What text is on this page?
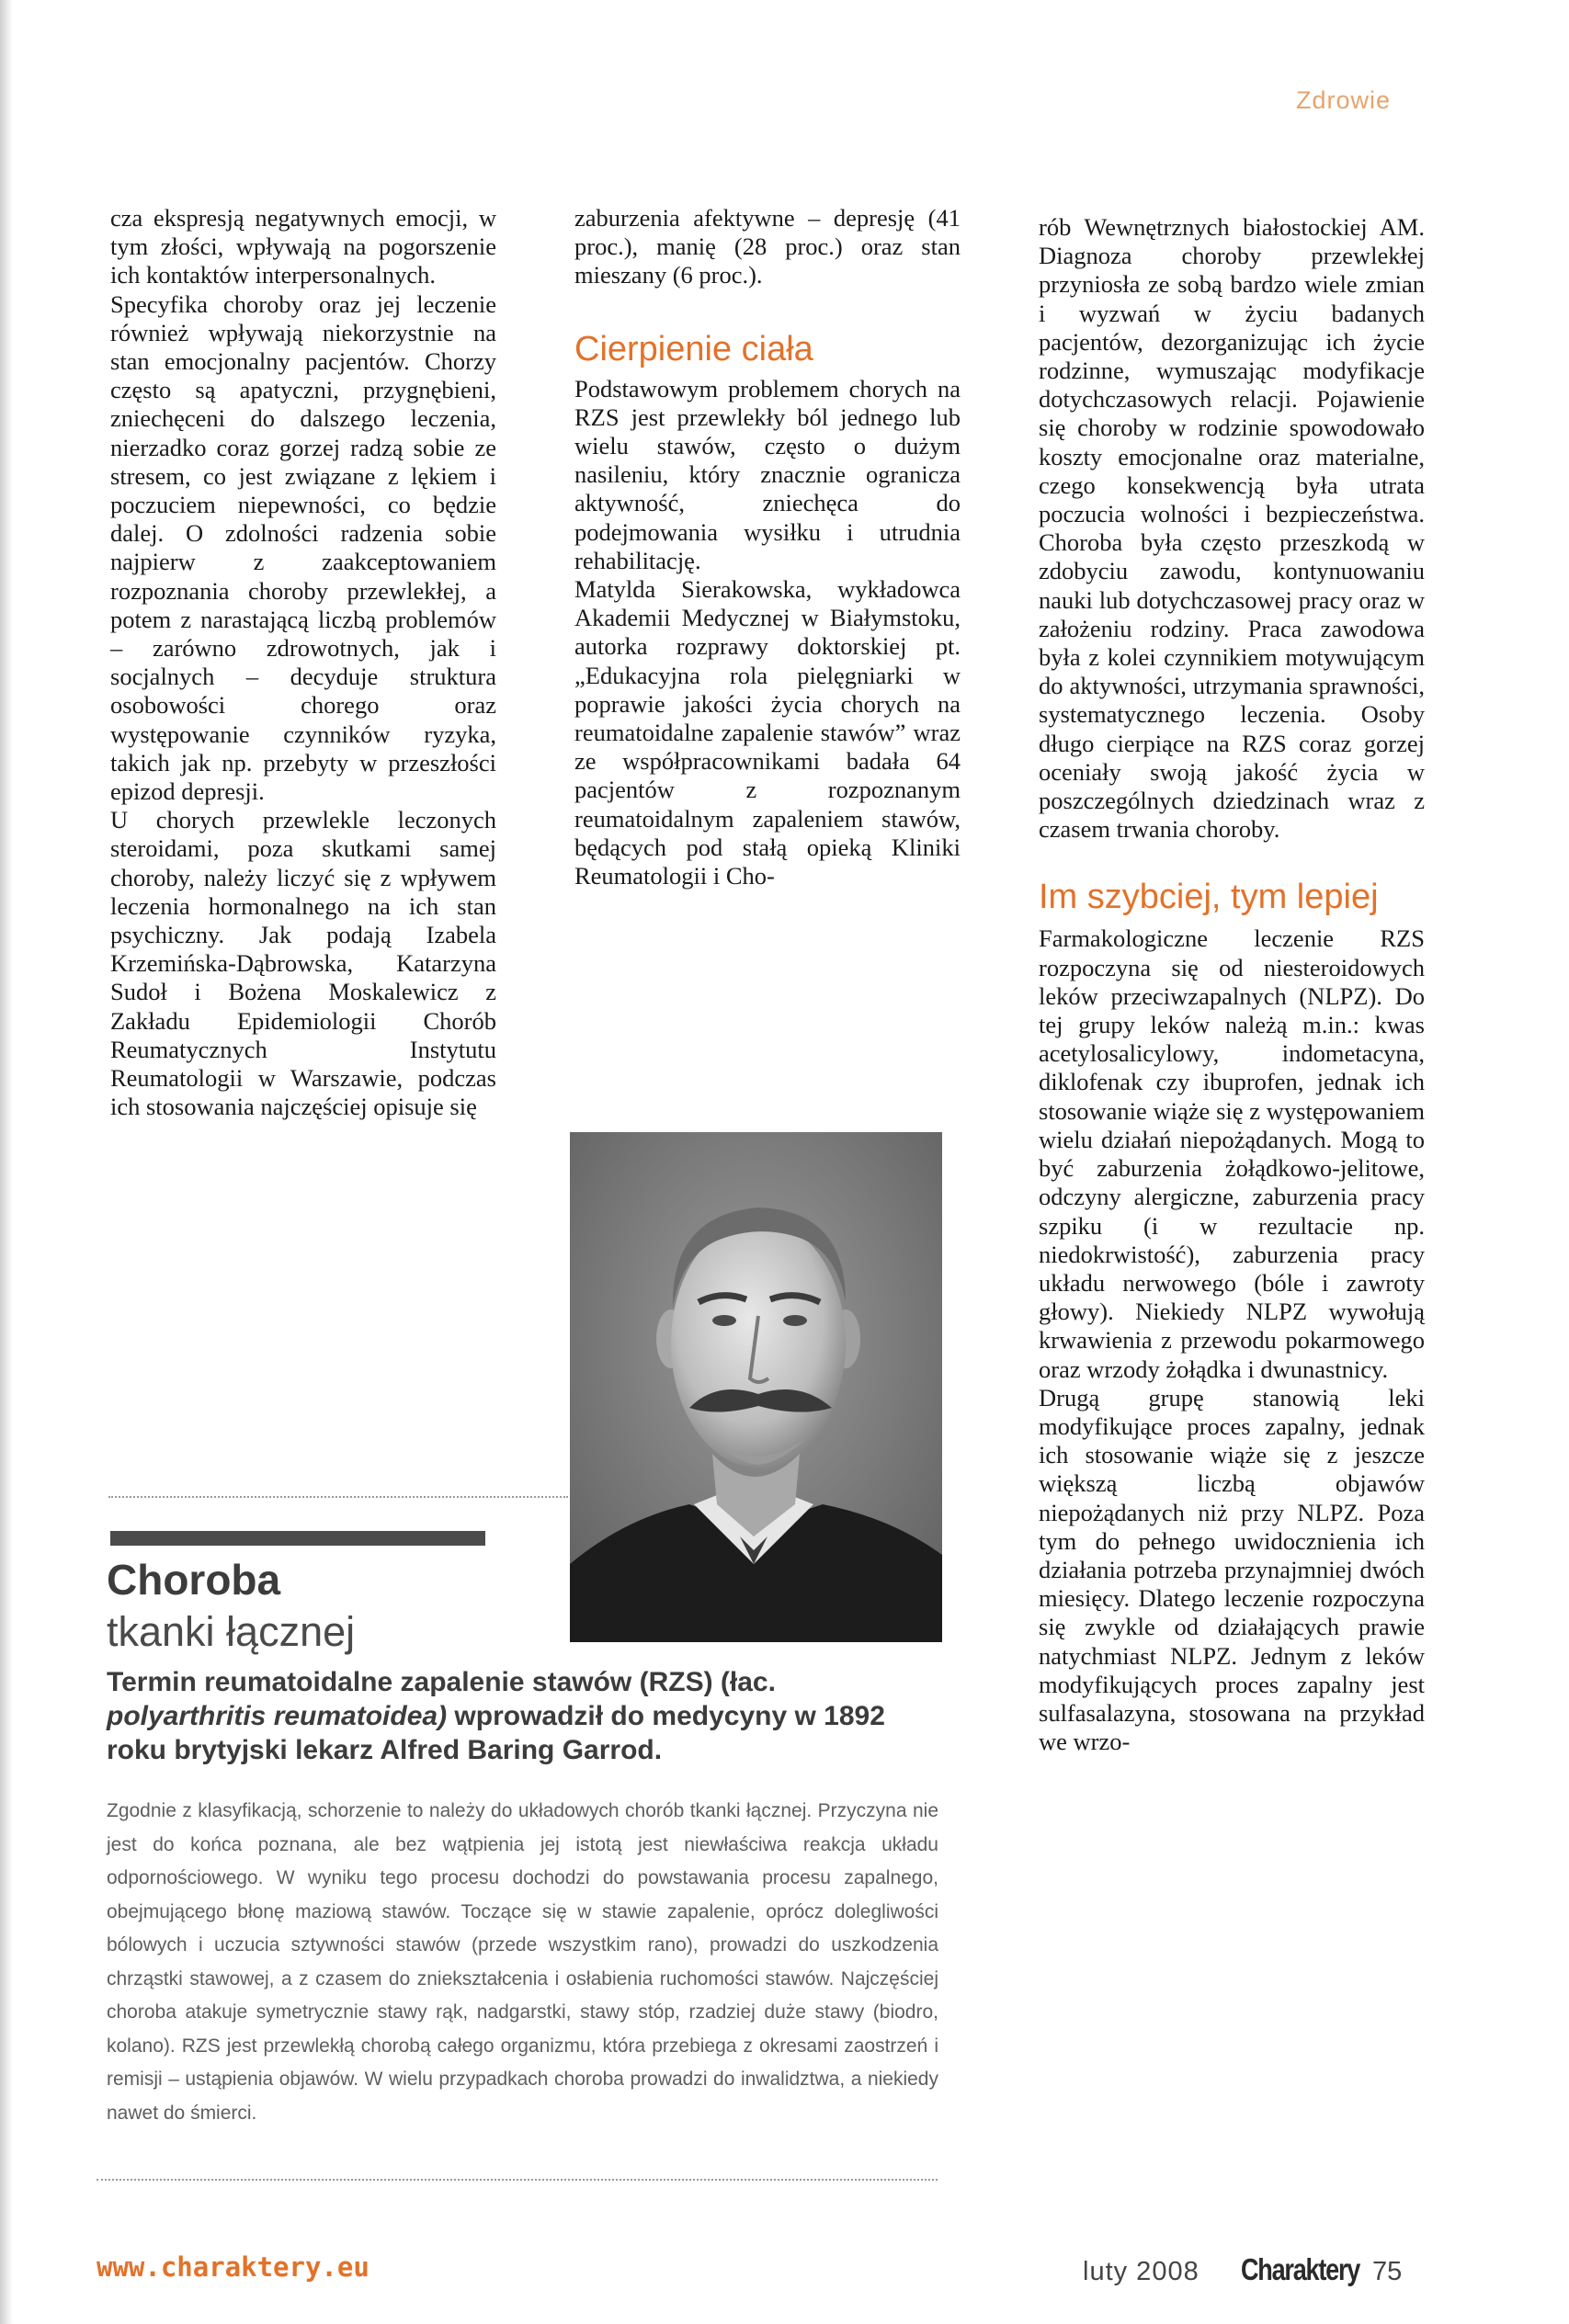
Zdrowie

cza ekspresją negatywnych emocji, w tym złości, wpływają na pogorszenie ich kontaktów interpersonalnych.

Specyfika choroby oraz jej leczenie również wpływają niekorzystnie na stan emocjonalny pacjentów. Chorzy często są apatyczni, przygnębieni, zniechęceni do dalszego leczenia, nierzadko coraz gorzej radzą sobie ze stresem, co jest związane z lękiem i poczuciem niepewności, co będzie dalej. O zdolności radzenia sobie najpierw z zaakceptowaniem rozpoznania choroby przewlekłej, a potem z narastającą liczbą problemów – zarówno zdrowotnych, jak i socjalnych – decyduje struktura osobowości chorego oraz występowanie czynników ryzyka, takich jak np. przebyty w przeszłości epizod depresji.

U chorych przewlekle leczonych steroidami, poza skutkami samej choroby, należy liczyć się z wpływem leczenia hormonalnego na ich stan psychiczny. Jak podają Izabela Krzemińska-Dąbrowska, Katarzyna Sudoł i Bożena Moskalewicz z Zakładu Epidemiologii Chorób Reumatycznych Instytutu Reumatologii w Warszawie, podczas ich stosowania najczęściej opisuje się

zaburzenia afektywne – depresję (41 proc.), manię (28 proc.) oraz stan mieszany (6 proc.).

Cierpienie ciała

Podstawowym problemem chorych na RZS jest przewlekły ból jednego lub wielu stawów, często o dużym nasileniu, który znacznie ogranicza aktywność, zniechęca do podejmowania wysiłku i utrudnia rehabilitację.

Matylda Sierakowska, wykładowca Akademii Medycznej w Białymstoku, autorka rozprawy doktorskiej pt. „Edukacyjna rola pielęgniarki w poprawie jakości życia chorych na reumatoidalne zapalenie stawów” wraz ze współpracownikami badała 64 pacjentów z rozpoznanym reumatoidalnym zapaleniem stawów, będących pod stałą opieką Kliniki Reumatologii i Cho-

rób Wewnętrznych białostockiej AM. Diagnoza choroby przewlekłej przyniosła ze sobą bardzo wiele zmian i wyzwań w życiu badanych pacjentów, dezorganizując ich życie rodzinne, wymuszając modyfikacje dotychczasowych relacji. Pojawienie się choroby w rodzinie spowodowało koszty emocjonalne oraz materialne, czego konsekwencją była utrata poczucia wolności i bezpieczeństwa. Choroba była często przeszkodą w zdobyciu zawodu, kontynuowaniu nauki lub dotychczasowej pracy oraz w założeniu rodziny. Praca zawodowa była z kolei czynnikiem motywującym do aktywności, utrzymania sprawności, systematycznego leczenia. Osoby długo cierpiące na RZS coraz gorzej oceniały swoją jakość życia w poszczególnych dziedzinach wraz z czasem trwania choroby.

Im szybciej, tym lepiej

Farmakologiczne leczenie RZS rozpoczyna się od niesteroidowych leków przeciwzapalnych (NLPZ). Do tej grupy leków należą m.in.: kwas acetylosalicylowy, indometacyna, diklofenak czy ibuprofen, jednak ich stosowanie wiąże się z występowaniem wielu działań niepożądanych. Mogą to być zaburzenia żołądkowo-jelitowe, odczyny alergiczne, zaburzenia pracy szpiku (i w rezultacie np. niedokrwistość), zaburzenia pracy układu nerwowego (bóle i zawroty głowy). Niekiedy NLPZ wywołują krwawienia z przewodu pokarmowego oraz wrzody żołądka i dwunastnicy.

Drugą grupę stanowią leki modyfikujące proces zapalny, jednak ich stosowanie wiąże się z jeszcze większą liczbą objawów niepożądanych niż przy NLPZ. Poza tym do pełnego uwidocznienia ich działania potrzeba przynajmniej dwóch miesięcy. Dlatego leczenie rozpoczyna się zwykle od działających prawie natychmiast NLPZ. Jednym z leków modyfikujących proces zapalny jest sulfasalazyna, stosowana na przykład we wrzo-

Choroba
tkanki łącznej
Termin reumatoidalne zapalenie stawów (RZS) (łac. polyarthritis reumatoidea) wprowadził do medycyny w 1892 roku brytyjski lekarz Alfred Baring Garrod.
Zgodnie z klasyfikacją, schorzenie to należy do układowych chorób tkanki łącznej. Przyczyna nie jest do końca poznana, ale bez wątpienia jej istotą jest niewłaściwa reakcja układu odpornościowego. W wyniku tego procesu dochodzi do powstawania procesu zapalnego, obejmującego błonę maziową stawów. Toczące się w stawie zapalenie, oprócz dolegliwości bólowych i uczucia sztywności stawów (przede wszystkim rano), prowadzi do uszkodzenia chrząstki stawowej, a z czasem do zniekształcenia i osłabienia ruchomości stawów. Najczęściej choroba atakuje symetrycznie stawy rąk, nadgarstki, stawy stóp, rzadziej duże stawy (biodro, kolano). RZS jest przewlekłą chorobą całego organizmu, która przebiega z okresami zaostrzeń i remisji – ustąpienia objawów. W wielu przypadkach choroba prowadzi do inwalidztwa, a niekiedy nawet do śmierci.
www.charaktery.eu	luty 2008 Charaktery 75
